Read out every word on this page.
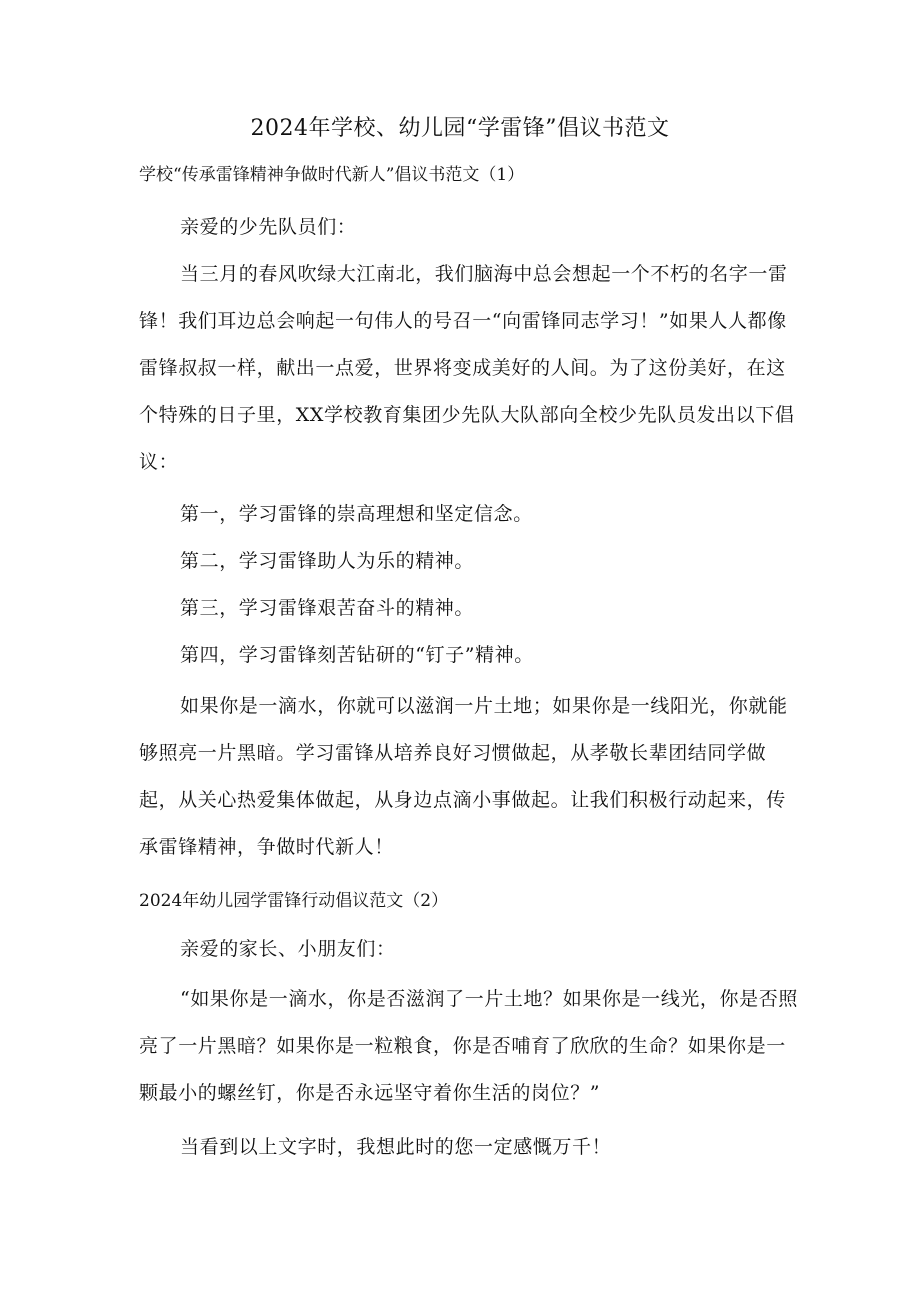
2024年学校、幼儿园“学雷锋”倡议书范文
学校“传承雷锋精神争做时代新人”倡议书范文（1）
亲爱的少先队员们：
当三月的春风吹绿大江南北，我们脑海中总会想起一个不朽的名字一雷锋！我们耳边总会响起一句伟人的号召一“向雷锋同志学习！”如果人人都像雷锋叔叔一样，献出一点爱，世界将变成美好的人间。为了这份美好，在这个特殊的日子里，XX学校教育集团少先队大队部向全校少先队员发出以下倡议：
第一，学习雷锋的崇高理想和坚定信念。
第二，学习雷锋助人为乐的精神。
第三，学习雷锋艰苦奋斗的精神。
第四，学习雷锋刻苦钻研的“钉子”精神。
如果你是一滴水，你就可以滋润一片土地；如果你是一线阳光，你就能够照亮一片黑暗。学习雷锋从培养良好习惯做起，从孝敬长辈团结同学做起，从关心热爱集体做起，从身边点滴小事做起。让我们积极行动起来，传承雷锋精神，争做时代新人！
2024年幼儿园学雷锋行动倡议范文（2）
亲爱的家长、小朋友们：
“如果你是一滴水，你是否滋润了一片土地？如果你是一线光，你是否照亮了一片黑暗？如果你是一粒粮食，你是否哺育了欣欣的生命？如果你是一颗最小的螺丝钉，你是否永远坚守着你生活的岗位？”
当看到以上文字时，我想此时的您一定感慨万千！
